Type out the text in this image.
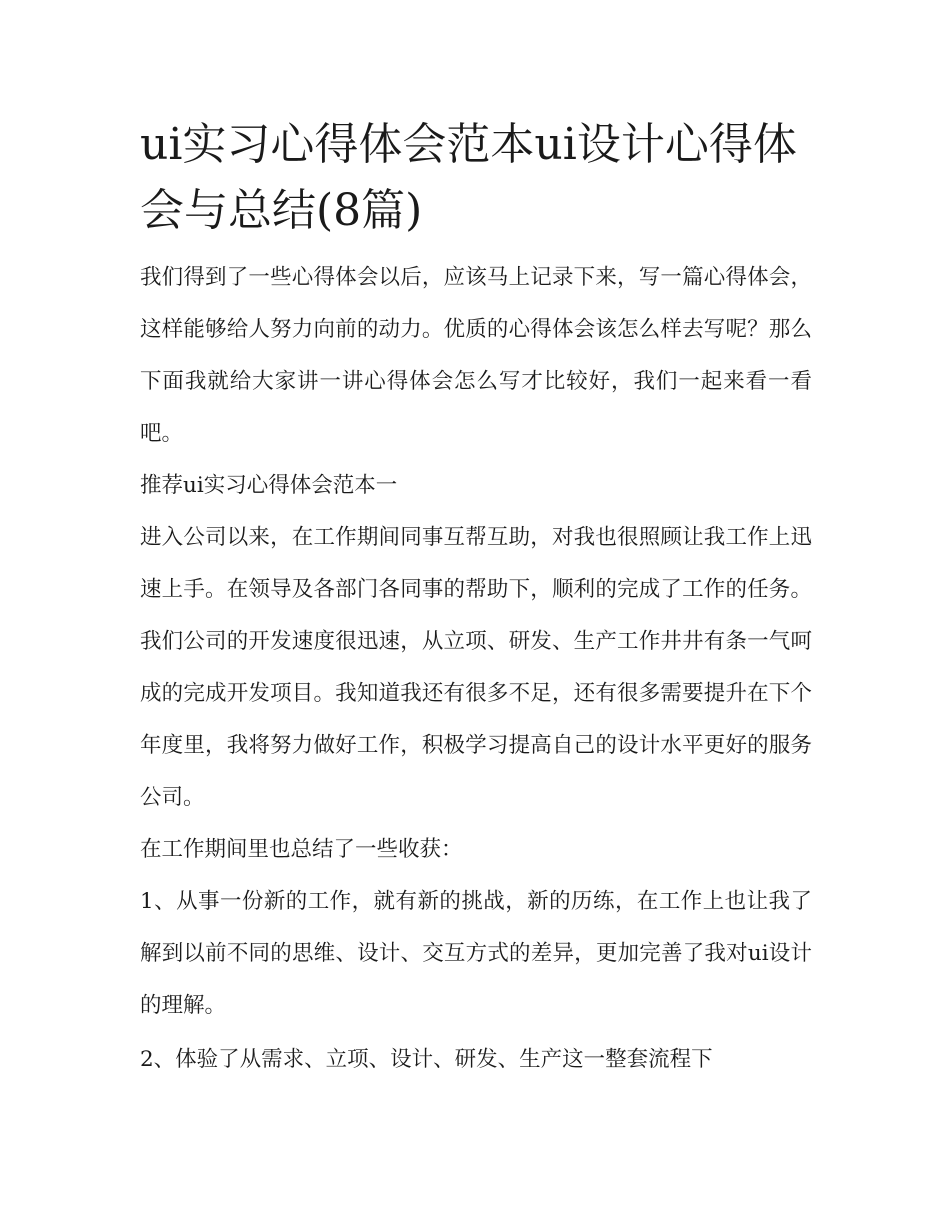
ui实习心得体会范本ui设计心得体会与总结(8篇)

我们得到了一些心得体会以后，应该马上记录下来，写一篇心得体会，这样能够给人努力向前的动力。优质的心得体会该怎么样去写呢？那么下面我就给大家讲一讲心得体会怎么写才比较好，我们一起来看一看吧。

推荐ui实习心得体会范本一

进入公司以来，在工作期间同事互帮互助，对我也很照顾让我工作上迅速上手。在领导及各部门各同事的帮助下，顺利的完成了工作的任务。我们公司的开发速度很迅速，从立项、研发、生产工作井井有条一气呵成的完成开发项目。我知道我还有很多不足，还有很多需要提升在下个年度里，我将努力做好工作，积极学习提高自己的设计水平更好的服务公司。

在工作期间里也总结了一些收获：

1、从事一份新的工作，就有新的挑战，新的历练，在工作上也让我了解到以前不同的思维、设计、交互方式的差异，更加完善了我对ui设计的理解。

2、体验了从需求、立项、设计、研发、生产这一整套流程下
